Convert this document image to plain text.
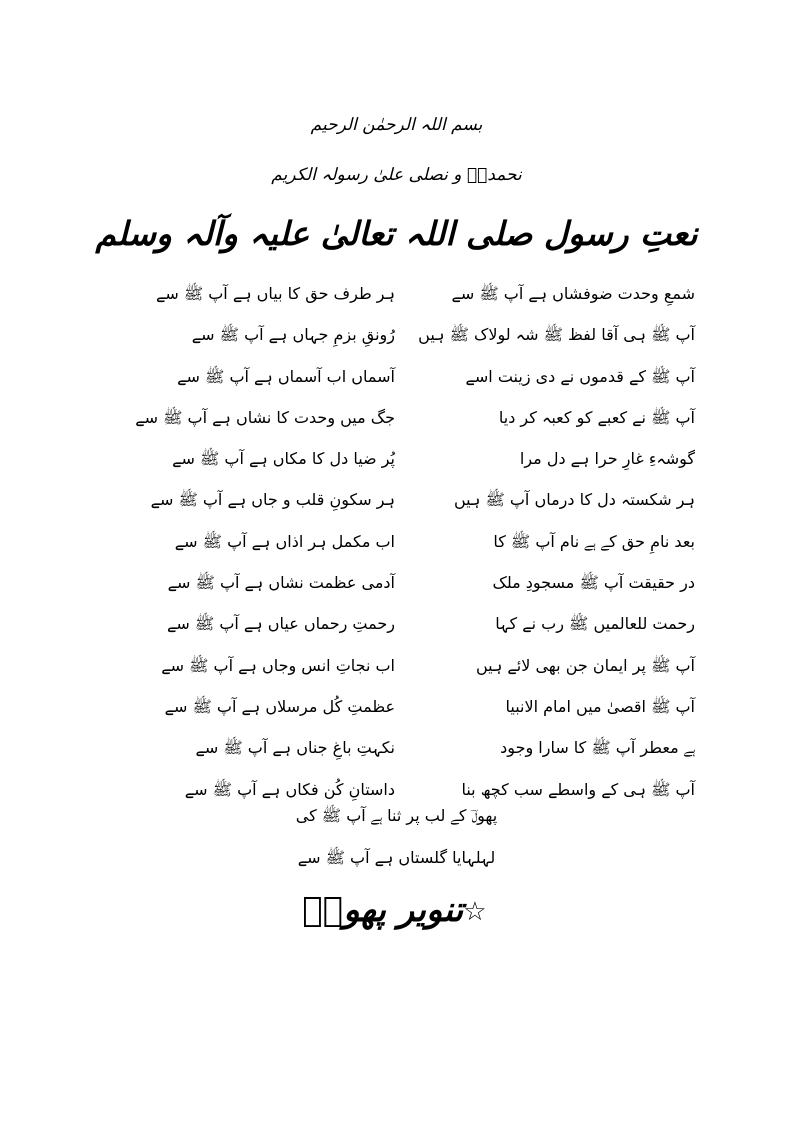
بسم اللہ الرحمٰن الرحیم
نحمدہٗ و نصلی علیٰ رسولہ الکریم
نعتِ رسول صلی اللہ تعالیٰ علیہ وآلہ وسلم
شمعِ وحدت ضوفشاں ہے آپ ﷺ سے
ہر طرف حق کا بیاں ہے آپ ﷺ سے
آپ ﷺ ہی آقا لفظ ﷺ شہ لولاک ﷺ ہیں
رُونقِ بزمِ جہاں ہے آپ ﷺ سے
آپ ﷺ کے قدموں نے دی زینت اسے
آسماں اب آسماں ہے آپ ﷺ سے
آپ ﷺ نے کعبے کو کعبہ کر دیا
جگ میں وحدت کا نشاں ہے آپ ﷺ سے
گوشہءِ غارِ حرا ہے دل مرا
پُر ضیا دل کا مکاں ہے آپ ﷺ سے
ہر شکستہ دل کا درماں آپ ﷺ ہیں
ہر سکونِ قلب و جاں ہے آپ ﷺ سے
بعد نامِ حق کے ہے نام آپ ﷺ کا
اب مکمل ہر اذاں ہے آپ ﷺ سے
در حقیقت آپ ﷺ مسجودِ ملک
آدمی عظمت نشاں ہے آپ ﷺ سے
رحمت للعالمیں ﷺ رب نے کہا
رحمتِ رحماں عیاں ہے آپ ﷺ سے
آپ ﷺ پر ایمان جن بھی لائے ہیں
اب نجاتِ انس وجاں ہے آپ ﷺ سے
آپ ﷺ اقصیٰ میں امام الانبیا
عظمتِ کُل مرسلاں ہے آپ ﷺ سے
ہے معطر آپ ﷺ کا سارا وجود
نکہتِ باغِ جناں ہے آپ ﷺ سے
آپ ﷺ ہی کے واسطے سب کچھ بنا
داستانِ کُن فکاں ہے آپ ﷺ سے
پھولؔ کے لب پر ثنا ہے آپ ﷺ کی
لہلہایا گلستاں ہے آپ ﷺ سے
☆تنویر پھولؔ
